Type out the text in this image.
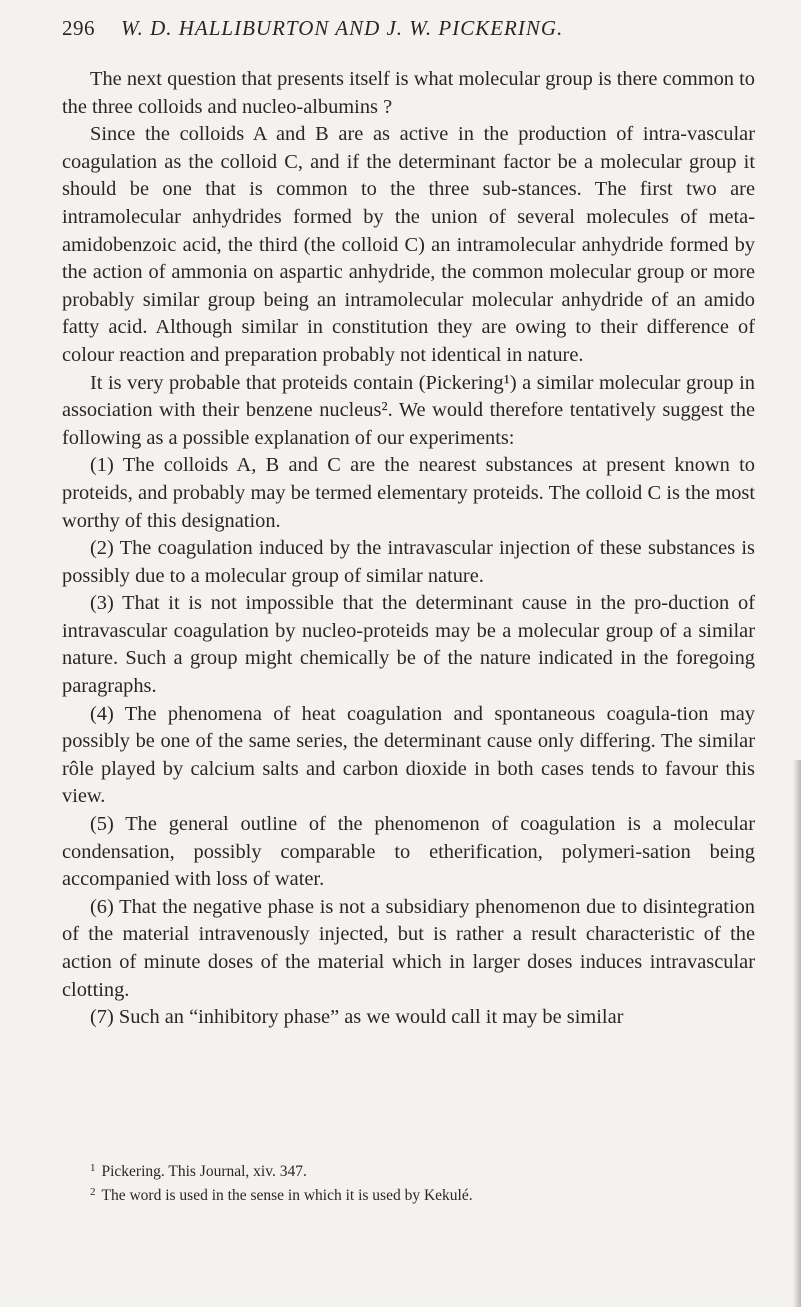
296 W. D. HALLIBURTON AND J. W. PICKERING.

The next question that presents itself is what molecular group is there common to the three colloids and nucleo-albumins ?

Since the colloids A and B are as active in the production of intra-vascular coagulation as the colloid C, and if the determinant factor be a molecular group it should be one that is common to the three sub-stances. The first two are intramolecular anhydrides formed by the union of several molecules of meta-amidobenzoic acid, the third (the colloid C) an intramolecular anhydride formed by the action of ammonia on aspartic anhydride, the common molecular group or more probably similar group being an intramolecular molecular anhydride of an amido fatty acid. Although similar in constitution they are owing to their difference of colour reaction and preparation probably not identical in nature.

It is very probable that proteids contain (Pickering¹) a similar molecular group in association with their benzene nucleus². We would therefore tentatively suggest the following as a possible explanation of our experiments:

(1) The colloids A, B and C are the nearest substances at present known to proteids, and probably may be termed elementary proteids. The colloid C is the most worthy of this designation.

(2) The coagulation induced by the intravascular injection of these substances is possibly due to a molecular group of similar nature.

(3) That it is not impossible that the determinant cause in the pro-duction of intravascular coagulation by nucleo-proteids may be a molecular group of a similar nature. Such a group might chemically be of the nature indicated in the foregoing paragraphs.

(4) The phenomena of heat coagulation and spontaneous coagula-tion may possibly be one of the same series, the determinant cause only differing. The similar rôle played by calcium salts and carbon dioxide in both cases tends to favour this view.

(5) The general outline of the phenomenon of coagulation is a molecular condensation, possibly comparable to etherification, polymeri-sation being accompanied with loss of water.

(6) That the negative phase is not a subsidiary phenomenon due to disintegration of the material intravenously injected, but is rather a result characteristic of the action of minute doses of the material which in larger doses induces intravascular clotting.

(7) Such an “inhibitory phase” as we would call it may be similar

$^1$ Pickering. This Journal, xiv. 347.

$^2$ The word is used in the sense in which it is used by Kekulé.
